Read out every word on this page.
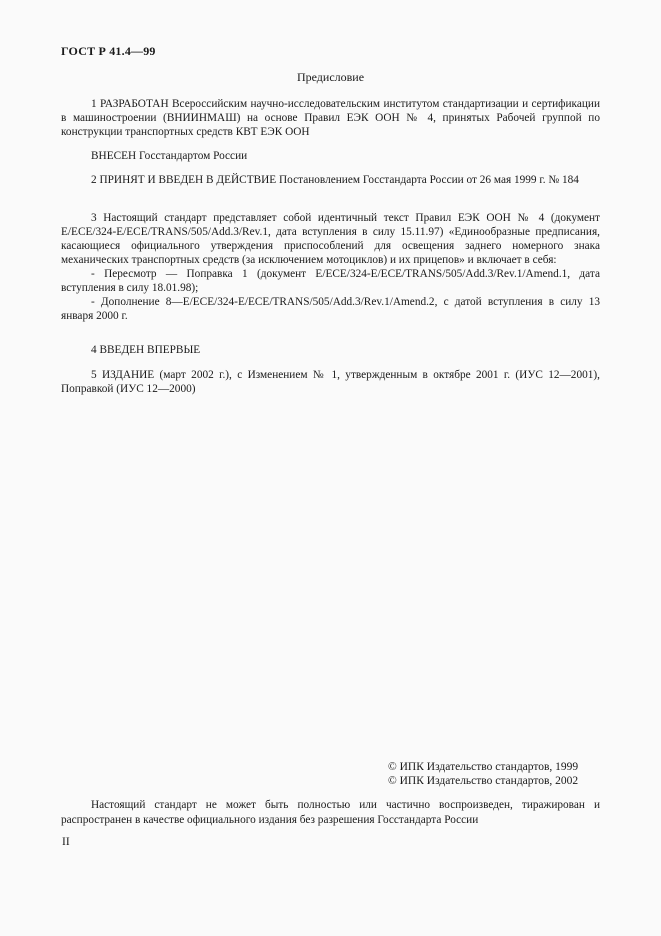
ГОСТ Р 41.4—99
Предисловие

1 РАЗРАБОТАН Всероссийским научно-исследовательским институтом стандартизации и сертификации в машиностроении (ВНИИНМАШ) на основе Правил ЕЭК ООН № 4, принятых Рабочей группой по конструкции транспортных средств КВТ ЕЭК ООН

ВНЕСЕН Госстандартом России

2 ПРИНЯТ И ВВЕДЕН В ДЕЙСТВИЕ Постановлением Госстандарта России от 26 мая 1999 г. № 184

3 Настоящий стандарт представляет собой идентичный текст Правил ЕЭК ООН № 4 (документ E/ECE/324-E/ECE/TRANS/505/Add.3/Rev.1, дата вступления в силу 15.11.97) «Единообразные предписания, касающиеся официального утверждения приспособлений для освещения заднего номерного знака механических транспортных средств (за исключением мотоциклов) и их прицепов» и включает в себя:

- Пересмотр — Поправка 1 (документ E/ECE/324-E/ECE/TRANS/505/Add.3/Rev.1/Amend.1, дата вступления в силу 18.01.98);

- Дополнение 8—E/ECE/324-E/ECE/TRANS/505/Add.3/Rev.1/Amend.2, с датой вступления в силу 13 января 2000 г.

4 ВВЕДЕН ВПЕРВЫЕ

5 ИЗДАНИЕ (март 2002 г.), с Изменением № 1, утвержденным в октябре 2001 г. (ИУС 12—2001), Поправкой (ИУС 12—2000)

© ИПК Издательство стандартов, 1999
© ИПК Издательство стандартов, 2002
Настоящий стандарт не может быть полностью или частично воспроизведен, тиражирован и распространен в качестве официального издания без разрешения Госстандарта России
II
